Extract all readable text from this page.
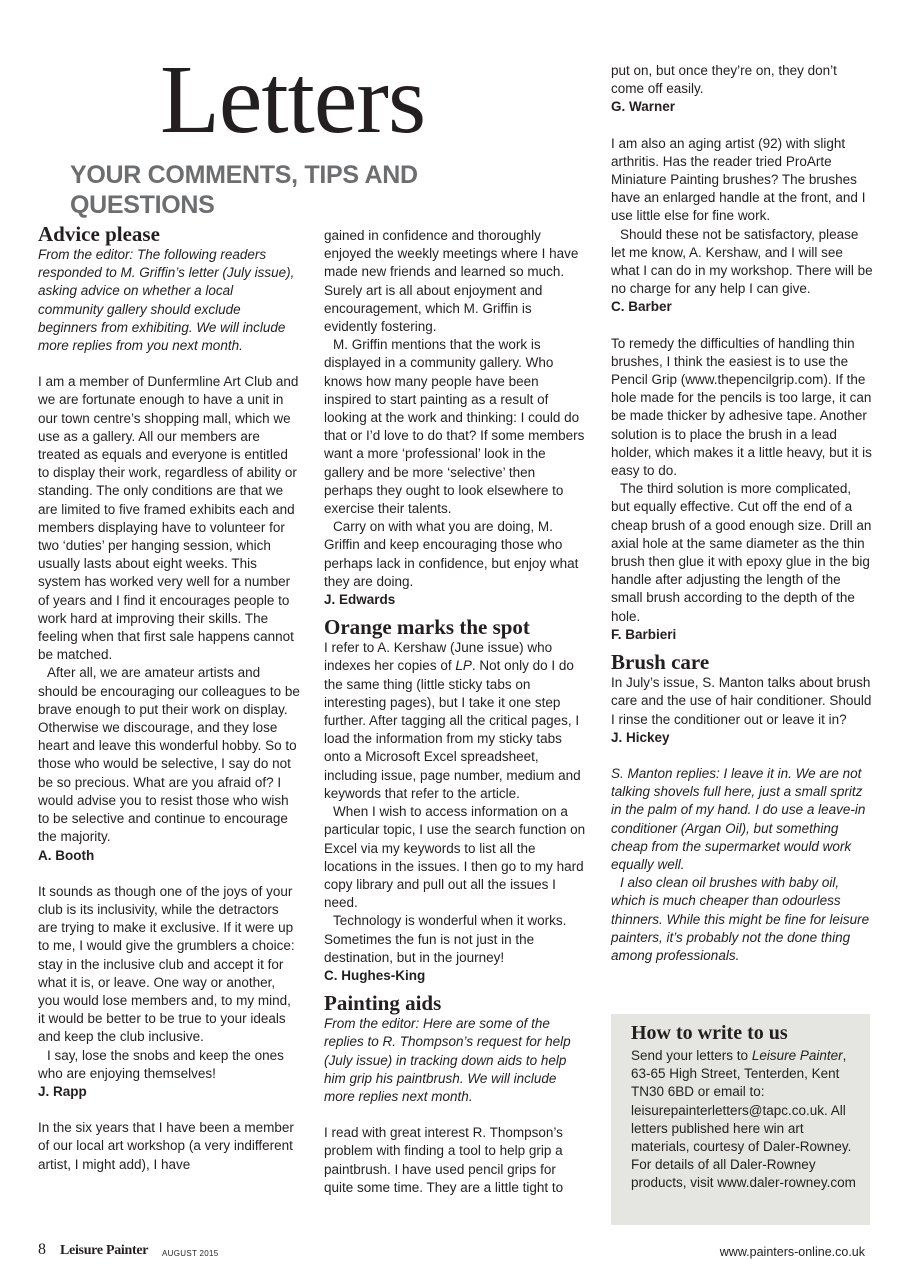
Letters
YOUR COMMENTS, TIPS AND QUESTIONS
Advice please

From the editor: The following readers responded to M. Griffin’s letter (July issue), asking advice on whether a local community gallery should exclude beginners from exhibiting. We will include more replies from you next month.

I am a member of Dunfermline Art Club and we are fortunate enough to have a unit in our town centre’s shopping mall, which we use as a gallery. All our members are treated as equals and everyone is entitled to display their work, regardless of ability or standing. The only conditions are that we are limited to five framed exhibits each and members displaying have to volunteer for two ‘duties’ per hanging session, which usually lasts about eight weeks. This system has worked very well for a number of years and I find it encourages people to work hard at improving their skills. The feeling when that first sale happens cannot be matched.

After all, we are amateur artists and should be encouraging our colleagues to be brave enough to put their work on display. Otherwise we discourage, and they lose heart and leave this wonderful hobby. So to those who would be selective, I say do not be so precious. What are you afraid of? I would advise you to resist those who wish to be selective and continue to encourage the majority.

A. Booth

It sounds as though one of the joys of your club is its inclusivity, while the detractors are trying to make it exclusive. If it were up to me, I would give the grumblers a choice: stay in the inclusive club and accept it for what it is, or leave. One way or another, you would lose members and, to my mind, it would be better to be true to your ideals and keep the club inclusive.

I say, lose the snobs and keep the ones who are enjoying themselves!

J. Rapp

In the six years that I have been a member of our local art workshop (a very indifferent artist, I might add), I have

gained in confidence and thoroughly enjoyed the weekly meetings where I have made new friends and learned so much. Surely art is all about enjoyment and encouragement, which M. Griffin is evidently fostering.

M. Griffin mentions that the work is displayed in a community gallery. Who knows how many people have been inspired to start painting as a result of looking at the work and thinking: I could do that or I’d love to do that? If some members want a more ‘professional’ look in the gallery and be more ‘selective’ then perhaps they ought to look elsewhere to exercise their talents.

Carry on with what you are doing, M. Griffin and keep encouraging those who perhaps lack in confidence, but enjoy what they are doing.

J. Edwards

Orange marks the spot

I refer to A. Kershaw (June issue) who indexes her copies of LP. Not only do I do the same thing (little sticky tabs on interesting pages), but I take it one step further. After tagging all the critical pages, I load the information from my sticky tabs onto a Microsoft Excel spreadsheet, including issue, page number, medium and keywords that refer to the article.

When I wish to access information on a particular topic, I use the search function on Excel via my keywords to list all the locations in the issues. I then go to my hard copy library and pull out all the issues I need.

Technology is wonderful when it works. Sometimes the fun is not just in the destination, but in the journey!

C. Hughes-King

Painting aids

From the editor: Here are some of the replies to R. Thompson’s request for help (July issue) in tracking down aids to help him grip his paintbrush. We will include more replies next month.

I read with great interest R. Thompson’s problem with finding a tool to help grip a paintbrush. I have used pencil grips for quite some time. They are a little tight to

put on, but once they’re on, they don’t come off easily.

G. Warner

I am also an aging artist (92) with slight arthritis. Has the reader tried ProArte Miniature Painting brushes? The brushes have an enlarged handle at the front, and I use little else for fine work.

Should these not be satisfactory, please let me know, A. Kershaw, and I will see what I can do in my workshop. There will be no charge for any help I can give.

C. Barber

To remedy the difficulties of handling thin brushes, I think the easiest is to use the Pencil Grip (www.thepencilgrip.com). If the hole made for the pencils is too large, it can be made thicker by adhesive tape. Another solution is to place the brush in a lead holder, which makes it a little heavy, but it is easy to do.

The third solution is more complicated, but equally effective. Cut off the end of a cheap brush of a good enough size. Drill an axial hole at the same diameter as the thin brush then glue it with epoxy glue in the big handle after adjusting the length of the small brush according to the depth of the hole.

F. Barbieri

Brush care

In July’s issue, S. Manton talks about brush care and the use of hair conditioner. Should I rinse the conditioner out or leave it in?

J. Hickey

S. Manton replies: I leave it in. We are not talking shovels full here, just a small spritz in the palm of my hand. I do use a leave-in conditioner (Argan Oil), but something cheap from the supermarket would work equally well.

I also clean oil brushes with baby oil, which is much cheaper than odourless thinners. While this might be fine for leisure painters, it’s probably not the done thing among professionals.

How to write to us

Send your letters to Leisure Painter, 63-65 High Street, Tenterden, Kent TN30 6BD or email to: leisurepainterletters@tapc.co.uk. All letters published here win art materials, courtesy of Daler-Rowney. For details of all Daler-Rowney products, visit www.daler-rowney.com

8 Leisure Painter AUGUST 2015	www.painters-online.co.uk
